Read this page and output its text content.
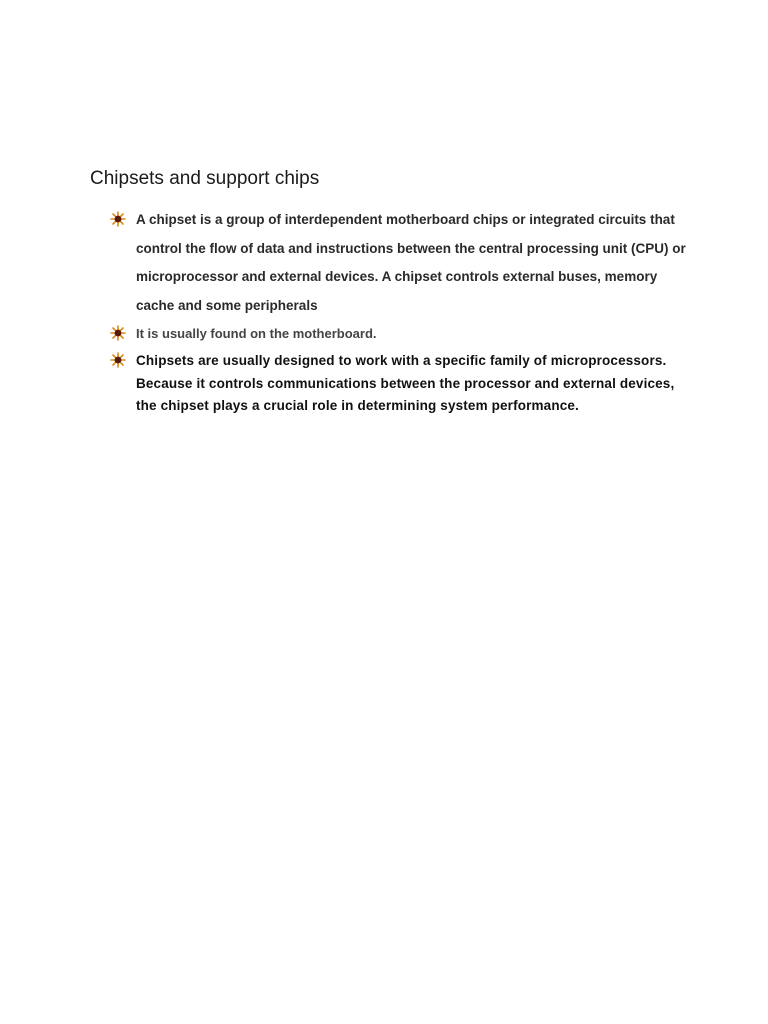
Chipsets and support chips
A chipset is a group of interdependent motherboard chips or integrated circuits that control the flow of data and instructions between the central processing unit (CPU) or microprocessor and external devices. A chipset controls external buses, memory cache and some peripherals
It is usually found on the motherboard.
Chipsets are usually designed to work with a specific family of microprocessors. Because it controls communications between the processor and external devices, the chipset plays a crucial role in determining system performance.
